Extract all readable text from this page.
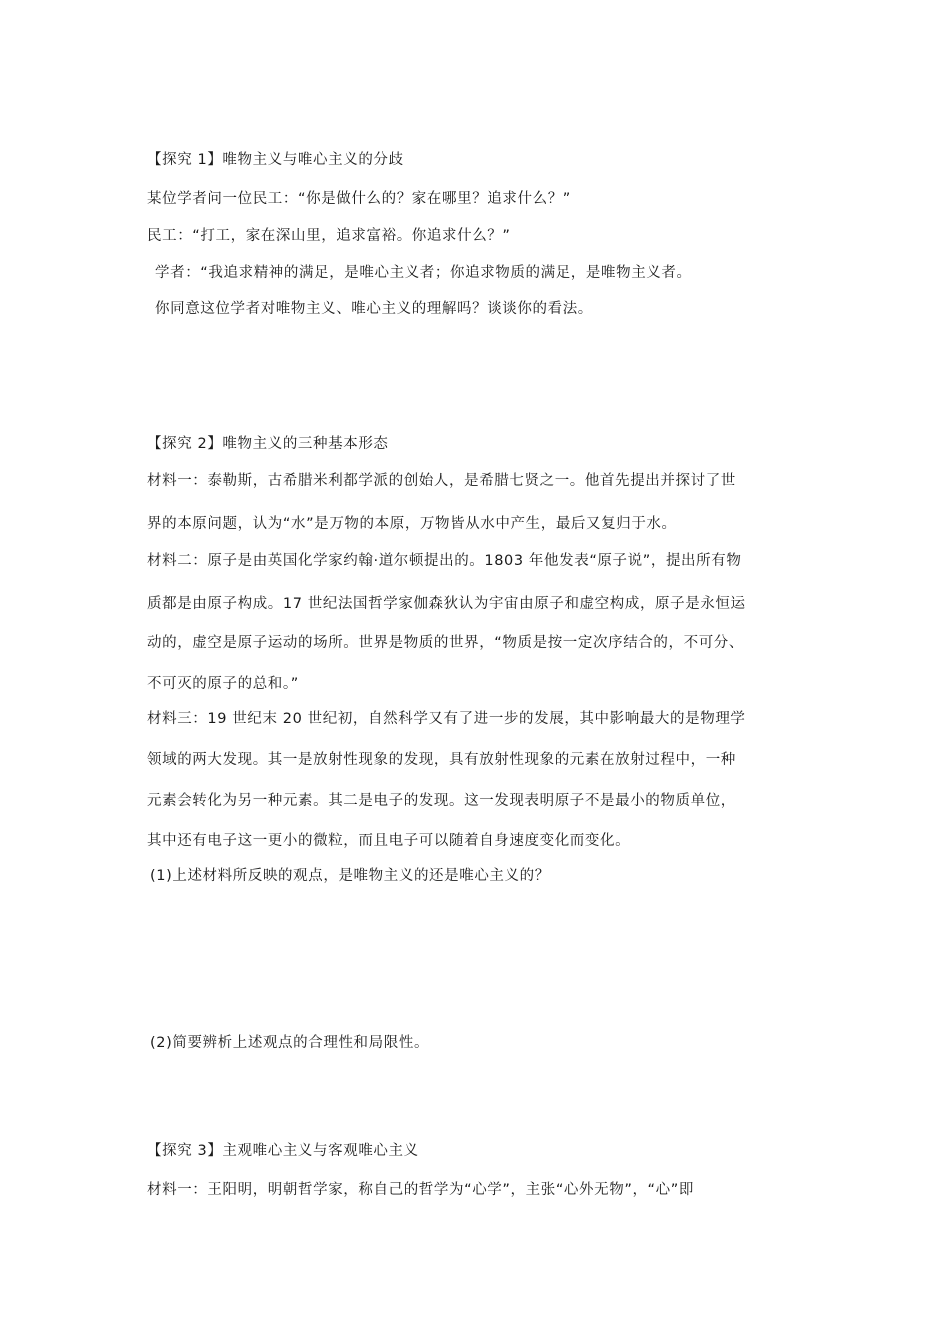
【探究 1】唯物主义与唯心主义的分歧
某位学者问一位民工：“你是做什么的？家在哪里？追求什么？”
民工：“打工，家在深山里，追求富裕。你追求什么？”
学者：“我追求精神的满足，是唯心主义者；你追求物质的满足，是唯物主义者。
你同意这位学者对唯物主义、唯心主义的理解吗？谈谈你的看法。
【探究 2】唯物主义的三种基本形态
材料一：泰勒斯，古希腊米利都学派的创始人，是希腊七贤之一。他首先提出并探讨了世
界的本原问题，认为“水”是万物的本原，万物皆从水中产生，最后又复归于水。
材料二：原子是由英国化学家约翰·道尔顿提出的。1803 年他发表“原子说”，提出所有物
质都是由原子构成。17 世纪法国哲学家伽森狄认为宇宙由原子和虚空构成，原子是永恒运
动的，虚空是原子运动的场所。世界是物质的世界，“物质是按一定次序结合的，不可分、
不可灭的原子的总和。”
材料三：19 世纪末 20 世纪初，自然科学又有了进一步的发展，其中影响最大的是物理学
领域的两大发现。其一是放射性现象的发现，具有放射性现象的元素在放射过程中，一种
元素会转化为另一种元素。其二是电子的发现。这一发现表明原子不是最小的物质单位，
其中还有电子这一更小的微粒，而且电子可以随着自身速度变化而变化。
(1)上述材料所反映的观点，是唯物主义的还是唯心主义的？
(2)简要辨析上述观点的合理性和局限性。
【探究 3】主观唯心主义与客观唯心主义
材料一：王阳明，明朝哲学家，称自己的哲学为“心学”，主张“心外无物”，“心”即
